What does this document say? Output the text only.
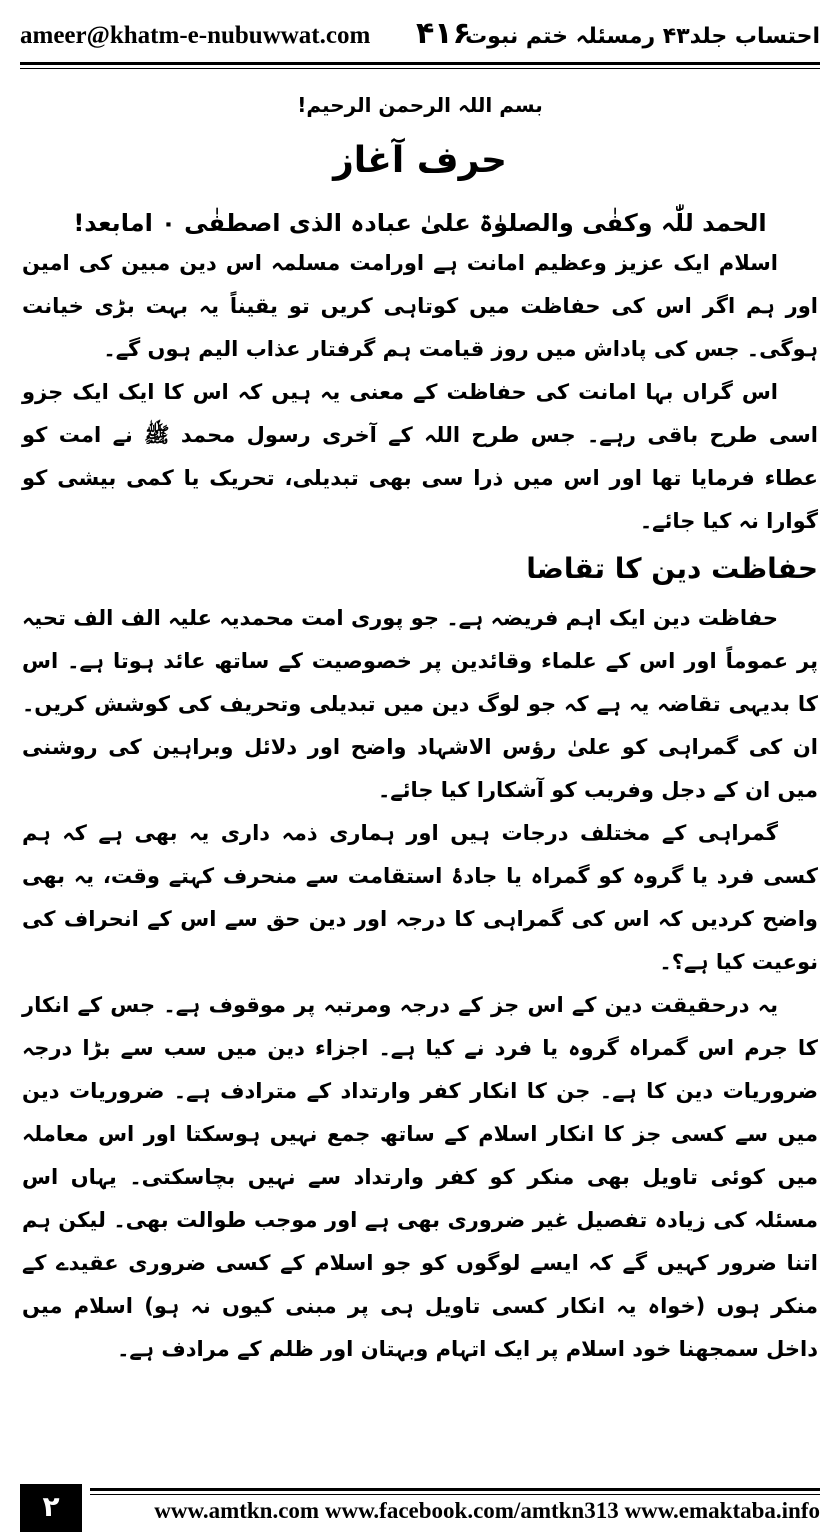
ameer@khatm-e-nubuwwat.com ۴۱۶
احتساب جلد۴۳ رمسئلہ ختم نبوت
بسم اللہ الرحمن الرحیم!
حرف آغاز
الحمد للّٰہ وکفٰی والصلوٰۃ علیٰ عبادہ الذی اصطفٰی ۰ امابعد!

اسلام ایک عزیز وعظیم امانت ہے اورامت مسلمہ اس دین مبین کی امین اور ہم اگر اس کی حفاظت میں کوتاہی کریں تو یقیناً یہ بہت بڑی خیانت ہوگی۔ جس کی پاداش میں روز قیامت ہم گرفتار عذاب الیم ہوں گے۔

اس گراں بہا امانت کی حفاظت کے معنی یہ ہیں کہ اس کا ایک ایک جزو اسی طرح باقی رہے۔ جس طرح اللہ کے آخری رسول محمد ﷺ نے امت کو عطاء فرمایا تھا اور اس میں ذرا سی بھی تبدیلی، تحریک یا کمی بیشی کو گوارا نہ کیا جائے۔

حفاظت دین کا تقاضا

حفاظت دین ایک اہم فریضہ ہے۔ جو پوری امت محمدیہ علیہ الف الف تحیہ پر عموماً اور اس کے علماء وقائدین پر خصوصیت کے ساتھ عائد ہوتا ہے۔ اس کا بدیہی تقاضہ یہ ہے کہ جو لوگ دین میں تبدیلی وتحریف کی کوشش کریں۔ ان کی گمراہی کو علیٰ رؤس الاشہاد واضح اور دلائل وبراہین کی روشنی میں ان کے دجل وفریب کو آشکارا کیا جائے۔

گمراہی کے مختلف درجات ہیں اور ہماری ذمہ داری یہ بھی ہے کہ ہم کسی فرد یا گروہ کو گمراہ یا جادۂ استقامت سے منحرف کہتے وقت، یہ بھی واضح کردیں کہ اس کی گمراہی کا درجہ اور دین حق سے اس کے انحراف کی نوعیت کیا ہے؟۔

یہ درحقیقت دین کے اس جز کے درجہ ومرتبہ پر موقوف ہے۔ جس کے انکار کا جرم اس گمراہ گروہ یا فرد نے کیا ہے۔ اجزاء دین میں سب سے بڑا درجہ ضروریات دین کا ہے۔ جن کا انکار کفر وارتداد کے مترادف ہے۔ ضروریات دین میں سے کسی جز کا انکار اسلام کے ساتھ جمع نہیں ہوسکتا اور اس معاملہ میں کوئی تاویل بھی منکر کو کفر وارتداد سے نہیں بچاسکتی۔ یہاں اس مسئلہ کی زیادہ تفصیل غیر ضروری بھی ہے اور موجب طوالت بھی۔ لیکن ہم اتنا ضرور کہیں گے کہ ایسے لوگوں کو جو اسلام کے کسی ضروری عقیدے کے منکر ہوں (خواہ یہ انکار کسی تاویل ہی پر مبنی کیوں نہ ہو) اسلام میں داخل سمجھنا خود اسلام پر ایک اتہام وبہتان اور ظلم کے مرادف ہے۔

۲	www.amtkn.com www.facebook.com/amtkn313 www.emaktaba.info
